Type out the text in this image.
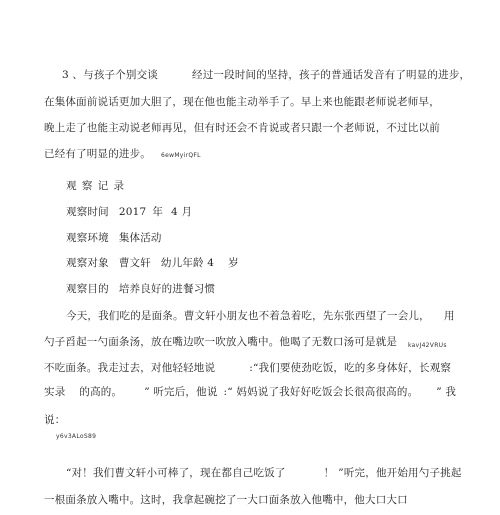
3 、与孩子个别交谈	经过一段时间的坚持，孩子的普通话发音有了明显的进步，
在集体面前说话更加大胆了，现在他也能主动举手了。早上来也能跟老师说老师早，
晚上走了也能主动说老师再见，但有时还会不肯说或者只跟一个老师说，不过比以前
已经有了明显的进步。 6ewMyirQFL
观 察 记 录
观察时间 2017 年 4 月
观察环境 集体活动
观察对象 曹文轩 幼儿年龄 4 岁
观察目的 培养良好的进餐习惯
今天，我们吃的是面条。曹文轩小朋友也不着急着吃，先东张西望了一会儿， 用
勺子舀起一勺面条汤，放在嘴边吹一吹放入嘴中。他喝了无数口汤可是就是 kavJ42VRUs
不吃面条。我走过去，对他轻轻地说	:“我们要使劲吃饭，吃的多身体好，长观察
实录 的高的。 ” 听完后，他说 :“ 妈妈说了我好好吃饭会长很高很高的。 ” 我
说：
y6v3ALoS89
“对！我们曹文轩小可棒了，现在都自己吃饭了	！ ”听完，他开始用勺子挑起
一根面条放入嘴中。这时，我拿起碗挖了一大口面条放入他嘴中，他大口大口
